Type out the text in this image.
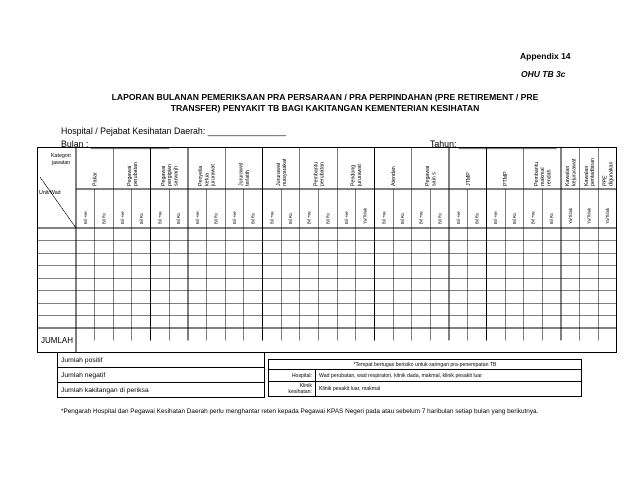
Appendix 14
OHU TB 3c
LAPORAN BULANAN PEMERIKSAAN PRA PERSARAAN / PRA PERPINDAHAN (PRE RETIREMENT / PRE
TRANSFER) PENYAKIT TB BAGI KAKITANGAN KEMENTERIAN KESIHATAN
Hospital / Pejabat Kesihatan Daerah: ________________
Bulan : ________________	Tahun: ____________________
Kategori jawatan
Unit/Wad
Pakar
Bil +ve	Bil Rx
Pegawai perubatan
Bil +ve	Bil Rx
Pegawai pergigian sarwarjh
Bil +ve	Bil Rx
Penyelia ketua jururawat
Bil +ve	Bil Rx
Jururawat terlatih
Bil +ve	Bil Rx
Jururawat masyarakat
Bil +ve	Bil Rx
Pembantu perubatan
Bil +ve	Bil Rx
Pendong jururawat
Bil +ve	Ya/Tidak
Atendan
Bil +ve	Bil Rx
Pegawai sain s
Bil +ve	Bil Rx
JTMP
Bil +ve	Bil Rx
PTMP
Bil +ve	Bil Rx
Pembantu makmal rendah
Bil +ve	Bil Rx
Kawalan kejururawat
Ya/Tidak
Kawalan pentadbiran
Ya/Tidak
PPE digunakan
Ya/Tidak
JUMLAH
Jumlah positif
Jumlah negatif
Jumlah kakitangan di periksa
*Tempat bertugas berisiko untuk saringan pra-penempatan TB	
Hospital:	Wad perubatan, wad respiratori, klinik dada, makmal, klinik pesakit luar
Klinik
kesihatan:	Klinik pesakit luar, makmal
*Pengarah Hospital dan Pegawai Kesihatan Daerah perlu menghantar reten kepada Pegawai KPAS Negeri pada atau sebelum 7 haribulan setiap bulan yang berikutnya.
